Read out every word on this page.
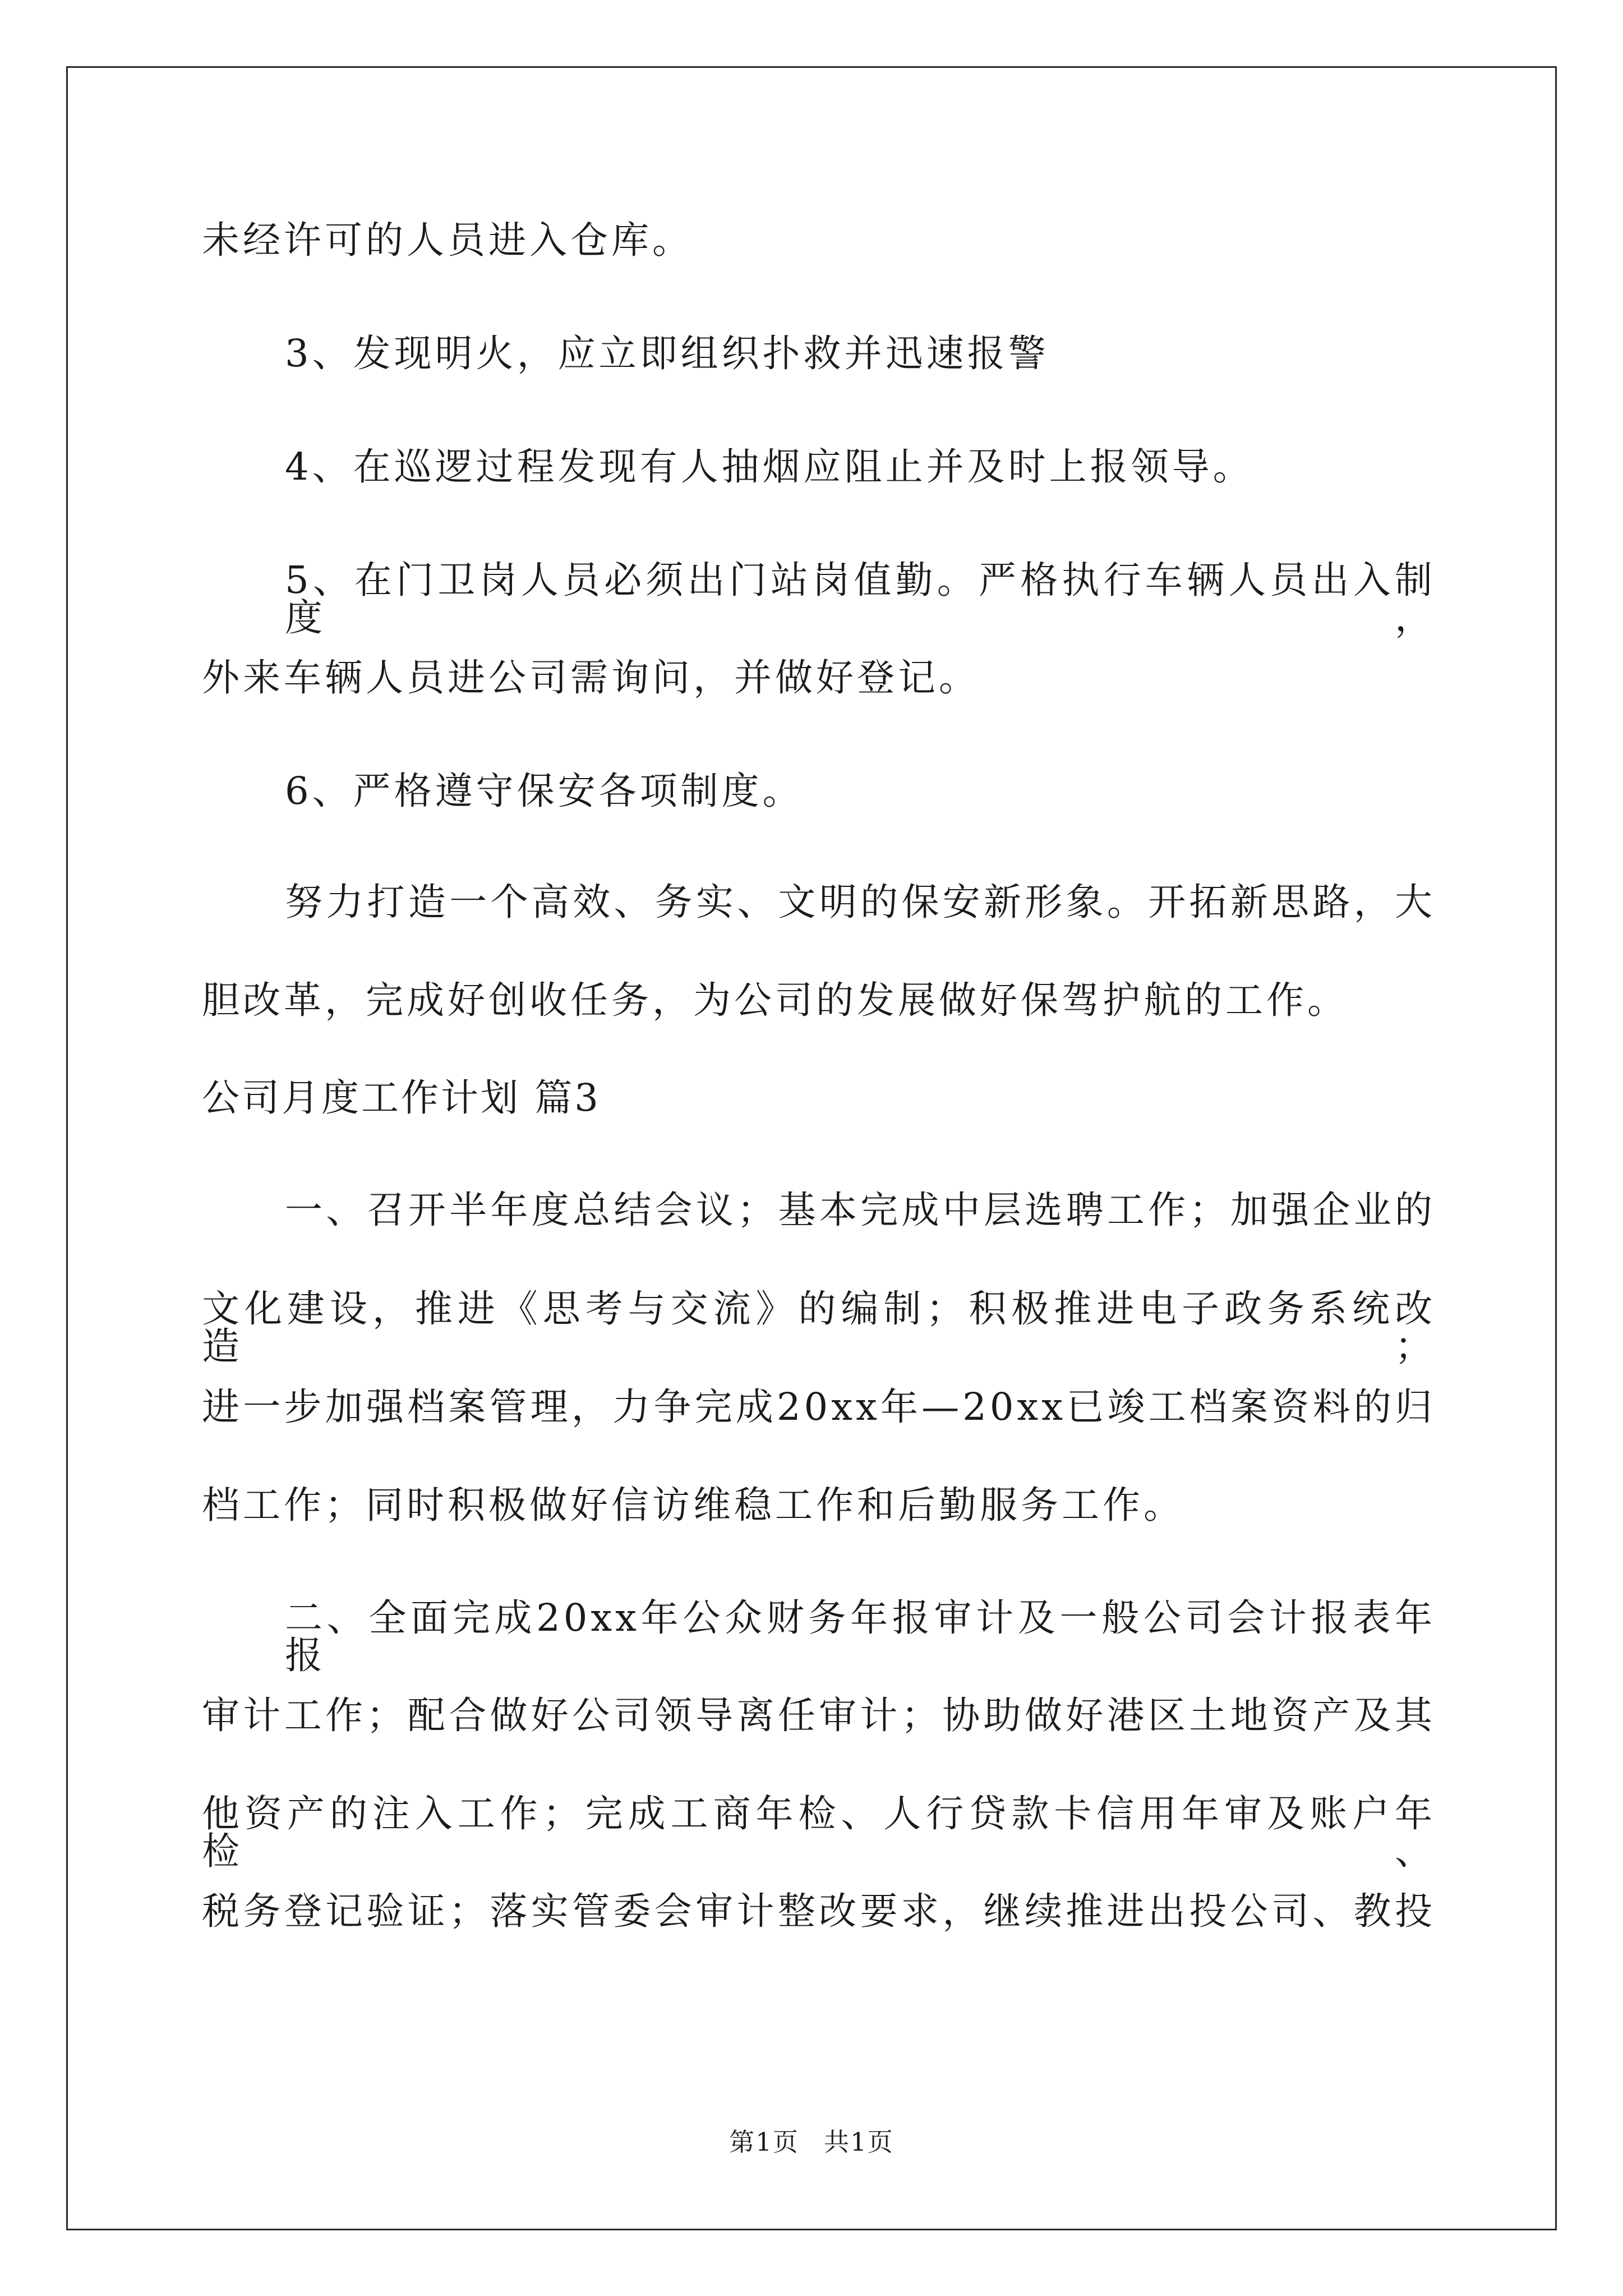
未经许可的人员进入仓库。
3、发现明火，应立即组织扑救并迅速报警
4、在巡逻过程发现有人抽烟应阻止并及时上报领导。
5、在门卫岗人员必须出门站岗值勤。严格执行车辆人员出入制度，
外来车辆人员进公司需询问，并做好登记。
6、严格遵守保安各项制度。
努力打造一个高效、务实、文明的保安新形象。开拓新思路，大
胆改革，完成好创收任务，为公司的发展做好保驾护航的工作。
公司月度工作计划 篇3
一、召开半年度总结会议；基本完成中层选聘工作；加强企业的
文化建设，推进《思考与交流》的编制；积极推进电子政务系统改造；
进一步加强档案管理，力争完成20xx年—20xx已竣工档案资料的归
档工作；同时积极做好信访维稳工作和后勤服务工作。
二、全面完成20xx年公众财务年报审计及一般公司会计报表年报
审计工作；配合做好公司领导离任审计；协助做好港区土地资产及其
他资产的注入工作；完成工商年检、人行贷款卡信用年审及账户年检、
税务登记验证；落实管委会审计整改要求，继续推进出投公司、教投
第1页 共1页
